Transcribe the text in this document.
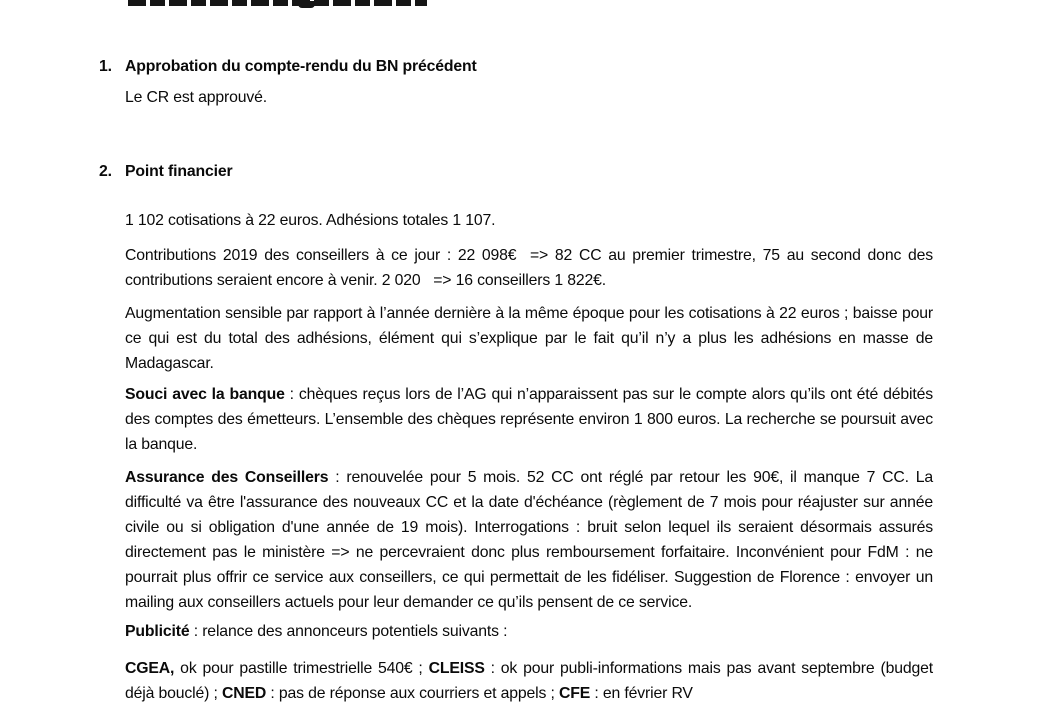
1. Approbation du compte-rendu du BN précédent
Le CR est approuvé.
2. Point financier
1 102 cotisations à 22 euros. Adhésions totales 1 107.
Contributions 2019 des conseillers à ce jour : 22 098€  => 82 CC au premier trimestre, 75 au second donc des contributions seraient encore à venir. 2 020   => 16 conseillers 1 822€.
Augmentation sensible par rapport à l’année dernière à la même époque pour les cotisations à 22 euros ; baisse pour ce qui est du total des adhésions, élément qui s’explique par le fait qu’il n’y a plus les adhésions en masse de Madagascar.
Souci avec la banque : chèques reçus lors de l’AG qui n’apparaissent pas sur le compte alors qu’ils ont été débités des comptes des émetteurs. L’ensemble des chèques représente environ 1 800 euros. La recherche se poursuit avec la banque.
Assurance des Conseillers : renouvelée pour 5 mois. 52 CC ont réglé par retour les 90€, il manque 7 CC. La difficulté va être l'assurance des nouveaux CC et la date d'échéance (règlement de 7 mois pour réajuster sur année civile ou si obligation d'une année de 19 mois). Interrogations : bruit selon lequel ils seraient désormais assurés directement pas le ministère => ne percevraient donc plus remboursement forfaitaire. Inconvénient pour FdM : ne pourrait plus offrir ce service aux conseillers, ce qui permettait de les fidéliser. Suggestion de Florence : envoyer un mailing aux conseillers actuels pour leur demander ce qu’ils pensent de ce service.
Publicité : relance des annonceurs potentiels suivants :
CGEA, ok pour pastille trimestrielle 540€ ; CLEISS : ok pour publi-informations mais pas avant septembre (budget déjà bouclé) ; CNED : pas de réponse aux courriers et appels ; CFE : en février RV
